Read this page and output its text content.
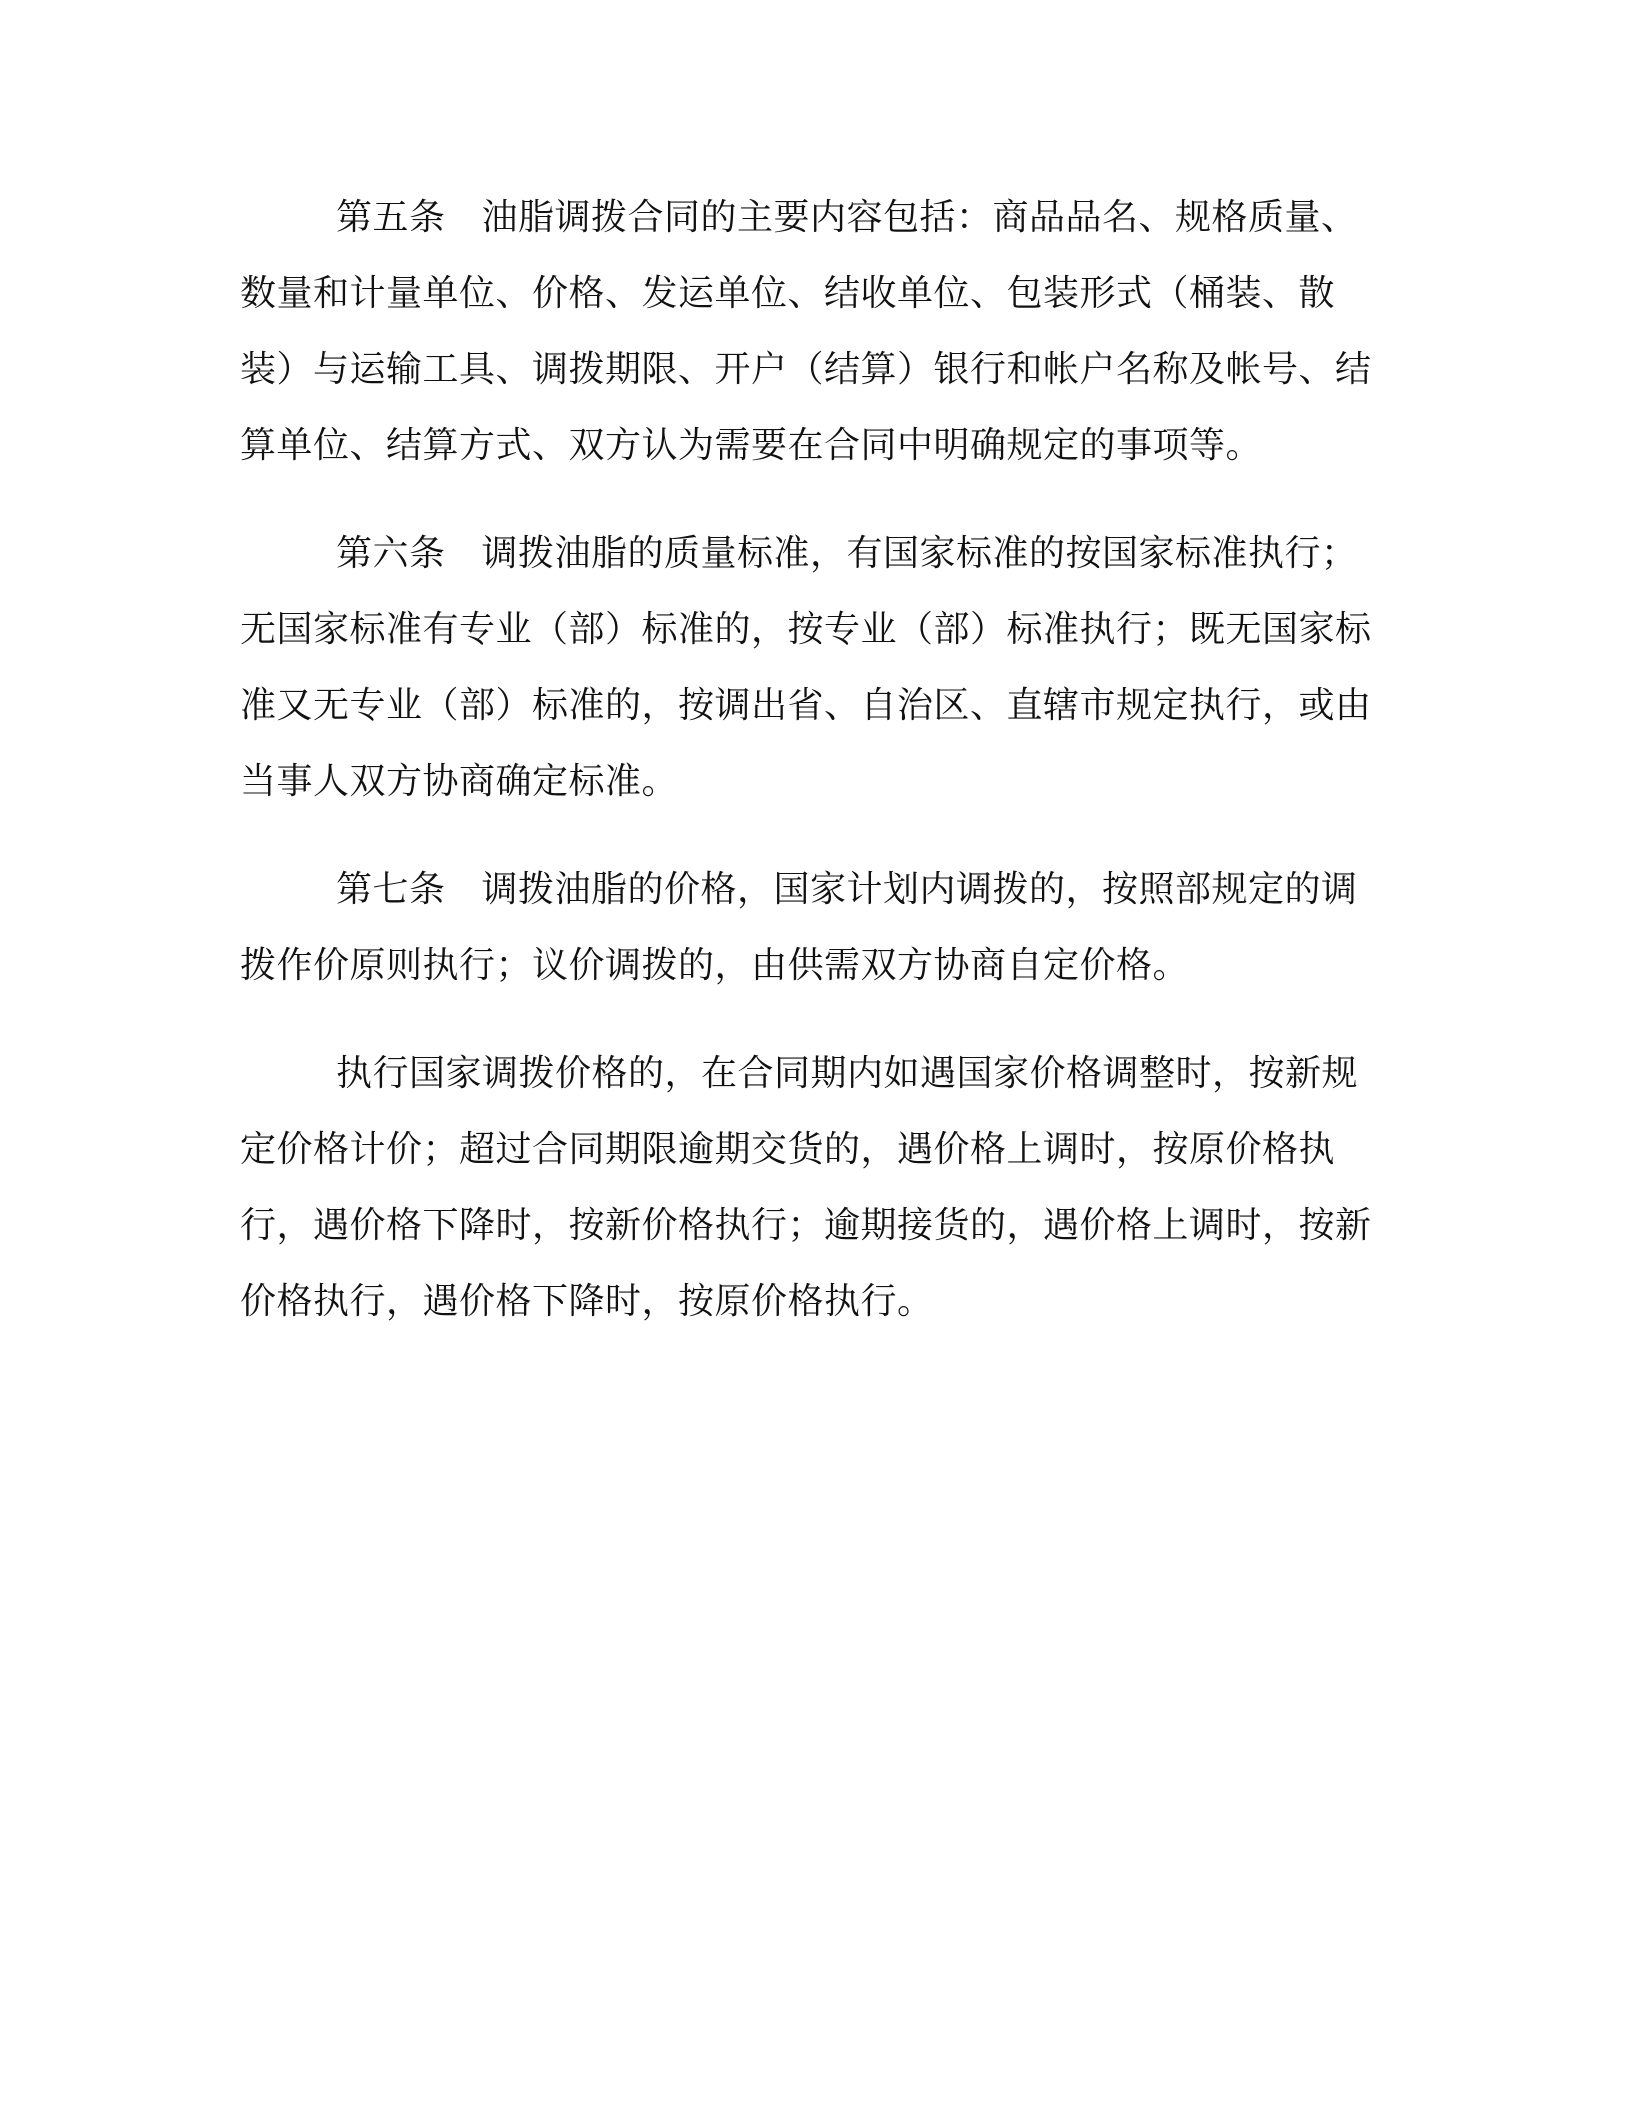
第五条 油脂调拨合同的主要内容包括：商品品名、规格质量、数量和计量单位、价格、发运单位、结收单位、包装形式（桶装、散装）与运输工具、调拨期限、开户（结算）银行和帐户名称及帐号、结算单位、结算方式、双方认为需要在合同中明确规定的事项等。

第六条 调拨油脂的质量标准，有国家标准的按国家标准执行；无国家标准有专业（部）标准的，按专业（部）标准执行；既无国家标准又无专业（部）标准的，按调出省、自治区、直辖市规定执行，或由当事人双方协商确定标准。

第七条 调拨油脂的价格，国家计划内调拨的，按照部规定的调拨作价原则执行；议价调拨的，由供需双方协商自定价格。

执行国家调拨价格的，在合同期内如遇国家价格调整时，按新规定价格计价；超过合同期限逾期交货的，遇价格上调时，按原价格执行，遇价格下降时，按新价格执行；逾期接货的，遇价格上调时，按新价格执行，遇价格下降时，按原价格执行。
